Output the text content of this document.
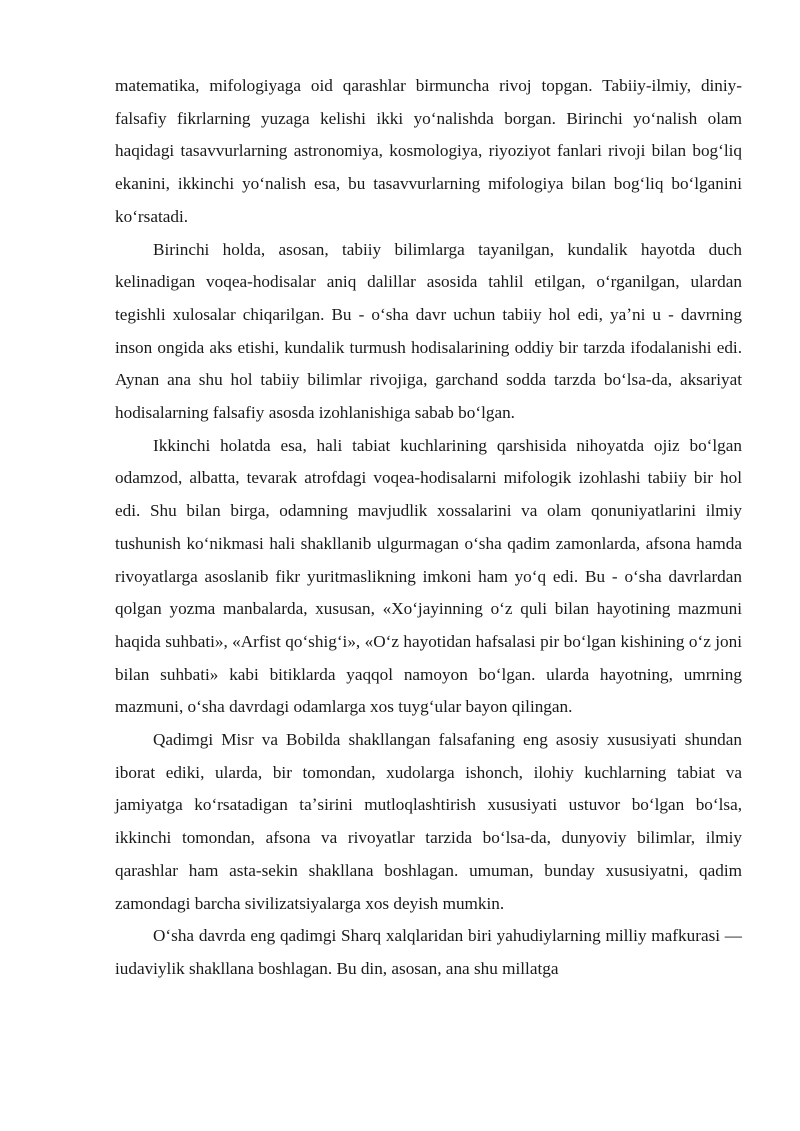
matematika, mifologiyaga oid qarashlar birmuncha rivoj topgan. Tabiiy-ilmiy, diniy-falsafiy fikrlarning yuzaga kelishi ikki yoʻnalishda borgan. Birinchi yoʻnalish olam haqidagi tasavvurlarning astronomiya, kosmologiya, riyoziyot fanlari rivoji bilan bogʻliq ekanini, ikkinchi yoʻnalish esa, bu tasavvurlarning mifologiya bilan bogʻliq boʻlganini koʻrsatadi.

Birinchi holda, asosan, tabiiy bilimlarga tayanilgan, kundalik hayotda duch kelinadigan voqea-hodisalar aniq dalillar asosida tahlil etilgan, oʻrganilgan, ulardan tegishli xulosalar chiqarilgan. Bu - oʻsha davr uchun tabiiy hol edi, yaʼni u - davrning inson ongida aks etishi, kundalik turmush hodisalarining oddiy bir tarzda ifodalanishi edi. Aynan ana shu hol tabiiy bilimlar rivojiga, garchand sodda tarzda boʻlsa-da, aksariyat hodisalarning falsafiy asosda izohlanishiga sabab boʻlgan.

Ikkinchi holatda esa, hali tabiat kuchlarining qarshisida nihoyatda ojiz boʻlgan odamzod, albatta, tevarak atrofdagi voqea-hodisalarni mifologik izohlashi tabiiy bir hol edi. Shu bilan birga, odamning mavjudlik xossalarini va olam qonuniyatlarini ilmiy tushunish koʻnikmasi hali shakllanib ulgurmagan oʻsha qadim zamonlarda, afsona hamda rivoyatlarga asoslanib fikr yuritmaslikning imkoni ham yoʻq edi. Bu - oʻsha davrlardan qolgan yozma manbalarda, xususan, «Xoʻjayinning oʻz quli bilan hayotining mazmuni haqida suhbati», «Arfist qoʻshigʻi», «Oʻz hayotidan hafsalasi pir boʻlgan kishining oʻz joni bilan suhbati» kabi bitiklarda yaqqol namoyon boʻlgan. ularda hayotning, umrning mazmuni, oʻsha davrdagi odamlarga xos tuygʻular bayon qilingan.

Qadimgi Misr va Bobilda shakllangan falsafaning eng asosiy xususiyati shundan iborat ediki, ularda, bir tomondan, xudolarga ishonch, ilohiy kuchlarning tabiat va jamiyatga koʻrsatadigan taʼsirini mutloqlashtirish xususiyati ustuvor boʻlgan boʻlsa, ikkinchi tomondan, afsona va rivoyatlar tarzida boʻlsa-da, dunyoviy bilimlar, ilmiy qarashlar ham asta-sekin shakllana boshlagan. umuman, bunday xususiyatni, qadim zamondagi barcha sivilizatsiyalarga xos deyish mumkin.

Oʻsha davrda eng qadimgi Sharq xalqlaridan biri yahudiylarning milliy mafkurasi — iudaviylik shakllana boshlagan. Bu din, asosan, ana shu millatga
